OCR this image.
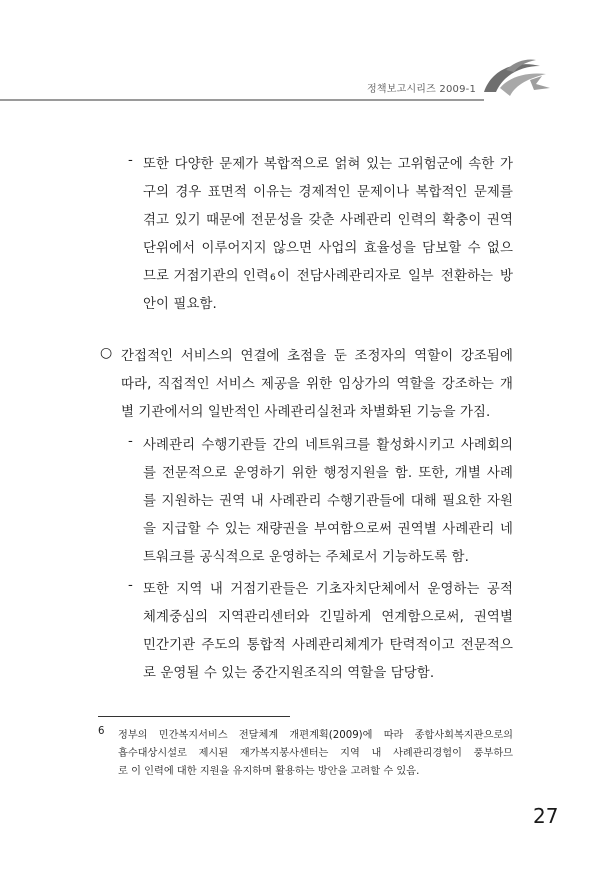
정책보고시리즈 2009-1
- 또한 다양한 문제가 복합적으로 얽혀 있는 고위험군에 속한 가
구의 경우 표면적 이유는 경제적인 문제이나 복합적인 문제를
겪고 있기 때문에 전문성을 갖춘 사례관리 인력의 확충이 권역
단위에서 이루어지지 않으면 사업의 효율성을 담보할 수 없으
므로 거점기관의 인력 6 이 전담사례관리자로 일부 전환하는 방
안이 필요함.
○ 간접적인 서비스의 연결에 초점을 둔 조정자의 역할이 강조됨에
따라, 직접적인 서비스 제공을 위한 임상가의 역할을 강조하는 개
별 기관에서의 일반적인 사례관리실천과 차별화된 기능을 가짐.
- 사례관리 수행기관들 간의 네트워크를 활성화시키고 사례회의
를 전문적으로 운영하기 위한 행정지원을 함. 또한, 개별 사례
를 지원하는 권역 내 사례관리 수행기관들에 대해 필요한 자원
을 지급할 수 있는 재량권을 부여함으로써 권역별 사례관리 네
트워크를 공식적으로 운영하는 주체로서 기능하도록 함.
- 또한 지역 내 거점기관들은 기초자치단체에서 운영하는 공적
체계중심의 지역관리센터와 긴밀하게 연계함으로써, 권역별
민간기관 주도의 통합적 사례관리체계가 탄력적이고 전문적으
로 운영될 수 있는 중간지원조직의 역할을 담당함.
6 정부의 민간복지서비스 전달체계 개편계획(2009)에 따라 종합사회복지관으로의
흡수대상시설로 제시된 재가복지봉사센터는 지역 내 사례관리경험이 풍부하므
로 이 인력에 대한 지원을 유지하며 활용하는 방안을 고려할 수 있음.
27
